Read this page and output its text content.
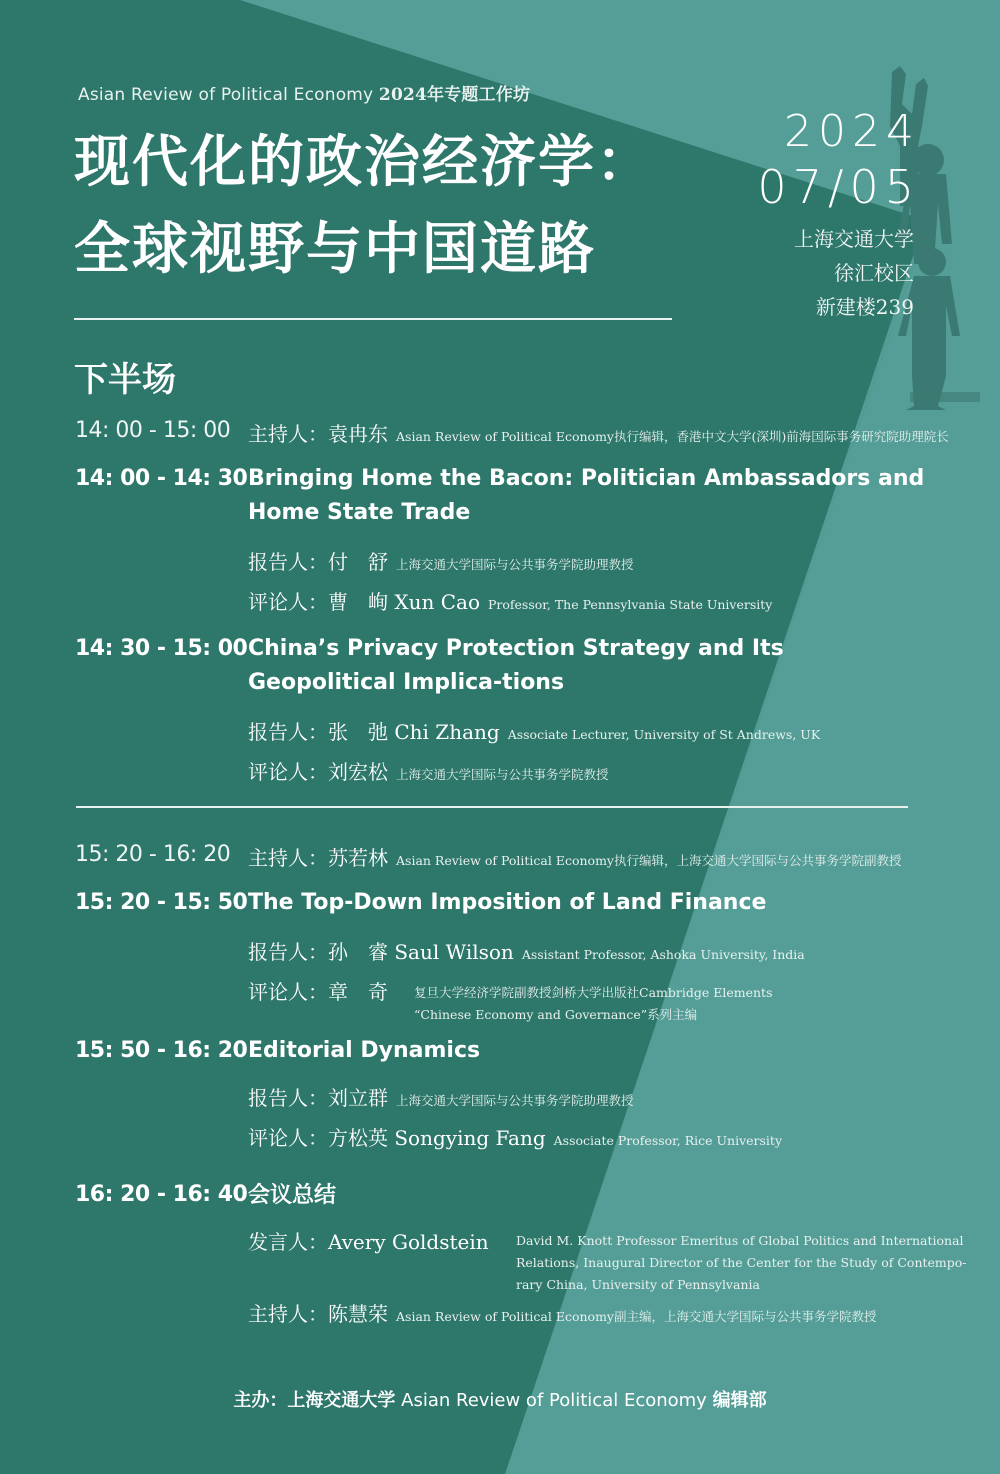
Asian Review of Political Economy 2024年专题工作坊
现代化的政治经济学：
全球视野与中国道路
2024
07/05
上海交通大学
徐汇校区
新建楼239
下半场
14: 00 - 15: 00 主持人：袁冉东 Asian Review of Political Economy执行编辑，香港中文大学(深圳)前海国际事务研究院助理院长
14: 00 - 14: 30 Bringing Home the Bacon: Politician Ambassadors and Home State Trade
报告人：付　舒 上海交通大学国际与公共事务学院助理教授
评论人：曹　峋 Xun Cao Professor, The Pennsylvania State University
14: 30 - 15: 00 China’s Privacy Protection Strategy and Its Geopolitical Implica-tions
报告人：张　弛 Chi Zhang Associate Lecturer, University of St Andrews, UK
评论人：刘宏松 上海交通大学国际与公共事务学院教授
15: 20 - 16: 20 主持人：苏若林 Asian Review of Political Economy执行编辑，上海交通大学国际与公共事务学院副教授
15: 20 - 15: 50 The Top-Down Imposition of Land Finance
报告人：孙　睿 Saul Wilson Assistant Professor, Ashoka University, India
评论人：章　奇 复旦大学经济学院副教授剑桥大学出版社Cambridge Elements
“Chinese Economy and Governance”系列主编
15: 50 - 16: 20 Editorial Dynamics
报告人：刘立群 上海交通大学国际与公共事务学院助理教授
评论人：方松英 Songying Fang Associate Professor, Rice University
16: 20 - 16: 40 会议总结
发言人：Avery Goldstein David M. Knott Professor Emeritus of Global Politics and International
Relations, Inaugural Director of the Center for the Study of Contempo-
rary China, University of Pennsylvania
主持人：陈慧荣 Asian Review of Political Economy副主编，上海交通大学国际与公共事务学院教授
主办：上海交通大学 Asian Review of Political Economy 编辑部
